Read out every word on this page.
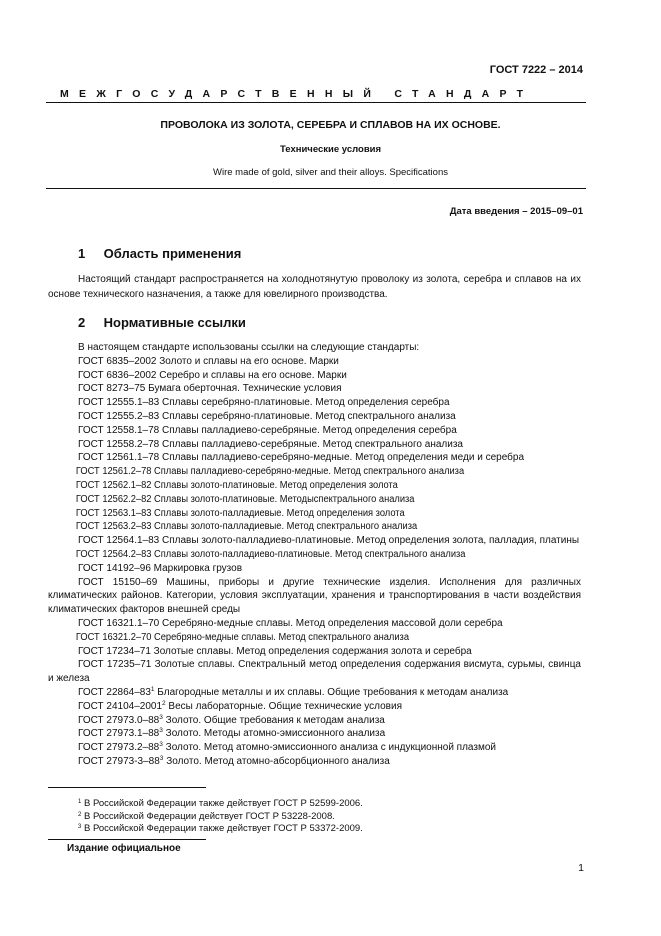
ГОСТ 7222 – 2014
МЕЖГОСУДАРСТВЕННЫЙ СТАНДАРТ
ПРОВОЛОКА ИЗ ЗОЛОТА, СЕРЕБРА И СПЛАВОВ НА ИХ ОСНОВЕ.
Технические условия
Wire made of gold, silver and their alloys. Specifications
Дата введения – 2015–09–01
1 Область применения
Настоящий стандарт распространяется на холоднотянутую проволоку из золота, серебра и сплавов на их основе технического назначения, а также для ювелирного производства.
2 Нормативные ссылки
В настоящем стандарте использованы ссылки на следующие стандарты:
ГОСТ 6835–2002 Золото и сплавы на его основе. Марки
ГОСТ 6836–2002 Серебро и сплавы на его основе. Марки
ГОСТ 8273–75 Бумага оберточная. Технические условия
ГОСТ 12555.1–83 Сплавы серебряно-платиновые. Метод определения серебра
ГОСТ 12555.2–83 Сплавы серебряно-платиновые. Метод спектрального анализа
ГОСТ 12558.1–78 Сплавы палладиево-серебряные. Метод определения серебра
ГОСТ 12558.2–78 Сплавы палладиево-серебряные. Метод спектрального анализа
ГОСТ 12561.1–78 Сплавы палладиево-серебряно-медные. Метод определения меди и серебра
ГОСТ 12561.2–78 Сплавы палладиево-серебряно-медные. Метод спектрального анализа
ГОСТ 12562.1–82 Сплавы золото-платиновые. Метод определения золота
ГОСТ 12562.2–82 Сплавы золото-платиновые. Методыспектрального анализа
ГОСТ 12563.1–83 Сплавы золото-палладиевые. Метод определения золота
ГОСТ 12563.2–83 Сплавы золото-палладиевые. Метод спектрального анализа
ГОСТ 12564.1–83 Сплавы золото-палладиево-платиновые. Метод определения золота, палладия, платины
ГОСТ 12564.2–83 Сплавы золото-палладиево-платиновые. Метод спектрального анализа
ГОСТ 14192–96 Маркировка грузов
ГОСТ 15150–69 Машины, приборы и другие технические изделия. Исполнения для различных климатических районов. Категории, условия эксплуатации, хранения и транспортирования в части воздействия климатических факторов внешней среды
ГОСТ 16321.1–70 Серебряно-медные сплавы. Метод определения массовой доли серебра
ГОСТ 16321.2–70 Серебряно-медные сплавы. Метод спектрального анализа
ГОСТ 17234–71 Золотые сплавы. Метод определения содержания золота и серебра
ГОСТ 17235–71 Золотые сплавы. Спектральный метод определения содержания висмута, сурьмы, свинца и железа
ГОСТ $22864-83^1$ Благородные металлы и их сплавы. Общие требования к методам анализа
ГОСТ 24104–2001$^2$ Весы лабораторные. Общие технические условия
ГОСТ $27973.0-88^3$ Золото. Общие требования к методам анализа
ГОСТ $27973.1-88^3$ Золото. Методы атомно-эмиссионного анализа
ГОСТ $27973.2-88^3$ Золото. Метод атомно-эмиссионного анализа с индукционной плазмой
ГОСТ $27973-3-88^3$ Золото. Метод атомно-абсорбционного анализа
$^1$ В Российской Федерации также действует ГОСТ Р 52599-2006.
$^2$ В Российской Федерации действует ГОСТ Р 53228-2008.
$^3$ В Российской Федерации также действует ГОСТ Р 53372-2009.
Издание официальное
1
